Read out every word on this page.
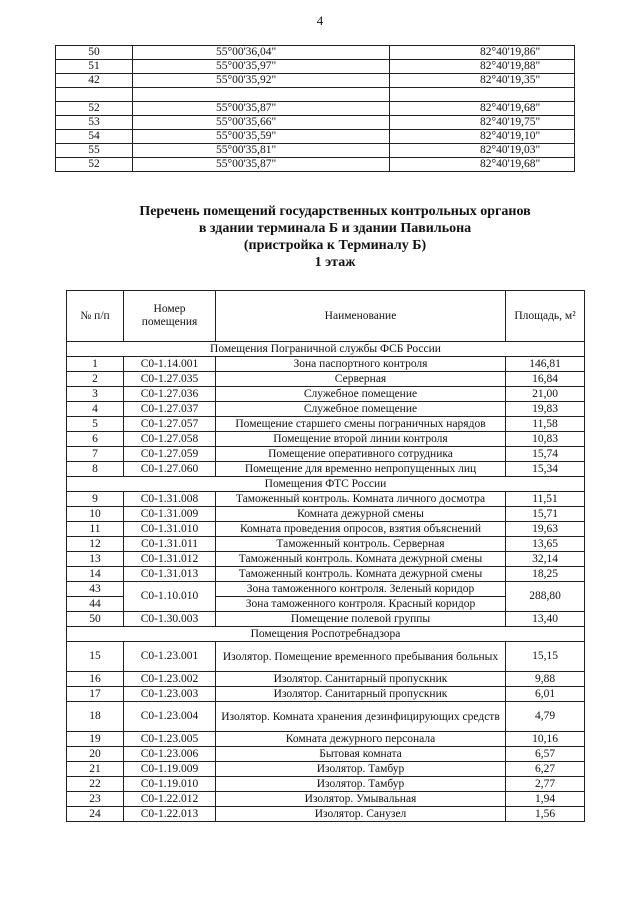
4
50	55°00'36,04"	82°40'19,86"
51	55°00'35,97"	82°40'19,88"
42	55°00'35,92"	82°40'19,35"

52	55°00'35,87"	82°40'19,68"
53	55°00'35,66"	82°40'19,75"
54	55°00'35,59"	82°40'19,10"
55	55°00'35,81"	82°40'19,03"
52	55°00'35,87"	82°40'19,68"
Перечень помещений государственных контрольных органов
в здании терминала Б и здании Павильона
(пристройка к Терминалу Б)
1 этаж
№ п/п	Номер помещения	Наименование	Площадь, м²
Помещения Пограничной службы ФСБ России			
1	С0-1.14.001	Зона паспортного контроля	146,81
2	С0-1.27.035	Серверная	16,84
3	С0-1.27.036	Служебное помещение	21,00
4	С0-1.27.037	Служебное помещение	19,83
5	С0-1.27.057	Помещение старшего смены пограничных нарядов	11,58
6	С0-1.27.058	Помещение второй линии контроля	10,83
7	С0-1.27.059	Помещение оперативного сотрудника	15,74
8	С0-1.27.060	Помещение для временно непропущенных лиц	15,34
Помещения ФТС России			
9	С0-1.31.008	Таможенный контроль. Комната личного досмотра	11,51
10	С0-1.31.009	Комната дежурной смены	15,71
11	С0-1.31.010	Комната проведения опросов, взятия объяснений	19,63
12	С0-1.31.011	Таможенный контроль. Серверная	13,65
13	С0-1.31.012	Таможенный контроль. Комната дежурной смены	32,14
14	С0-1.31.013	Таможенный контроль. Комната дежурной смены	18,25
43	С0-1.10.010	Зона таможенного контроля. Зеленый коридор	288,80
44		Зона таможенного контроля. Красный коридор	
50	С0-1.30.003	Помещение полевой группы	13,40
Помещения Роспотребнадзора			
15	С0-1.23.001	Изолятор. Помещение временного пребывания больных	15,15
16	С0-1.23.002	Изолятор. Санитарный пропускник	9,88
17	С0-1.23.003	Изолятор. Санитарный пропускник	6,01
18	С0-1.23.004	Изолятор. Комната хранения дезинфицирующих средств	4,79
19	С0-1.23.005	Комната дежурного персонала	10,16
20	С0-1.23.006	Бытовая комната	6,57
21	С0-1.19.009	Изолятор. Тамбур	6,27
22	С0-1.19.010	Изолятор. Тамбур	2,77
23	С0-1.22.012	Изолятор. Умывальная	1,94
24	С0-1.22.013	Изолятор. Санузел	1,56
